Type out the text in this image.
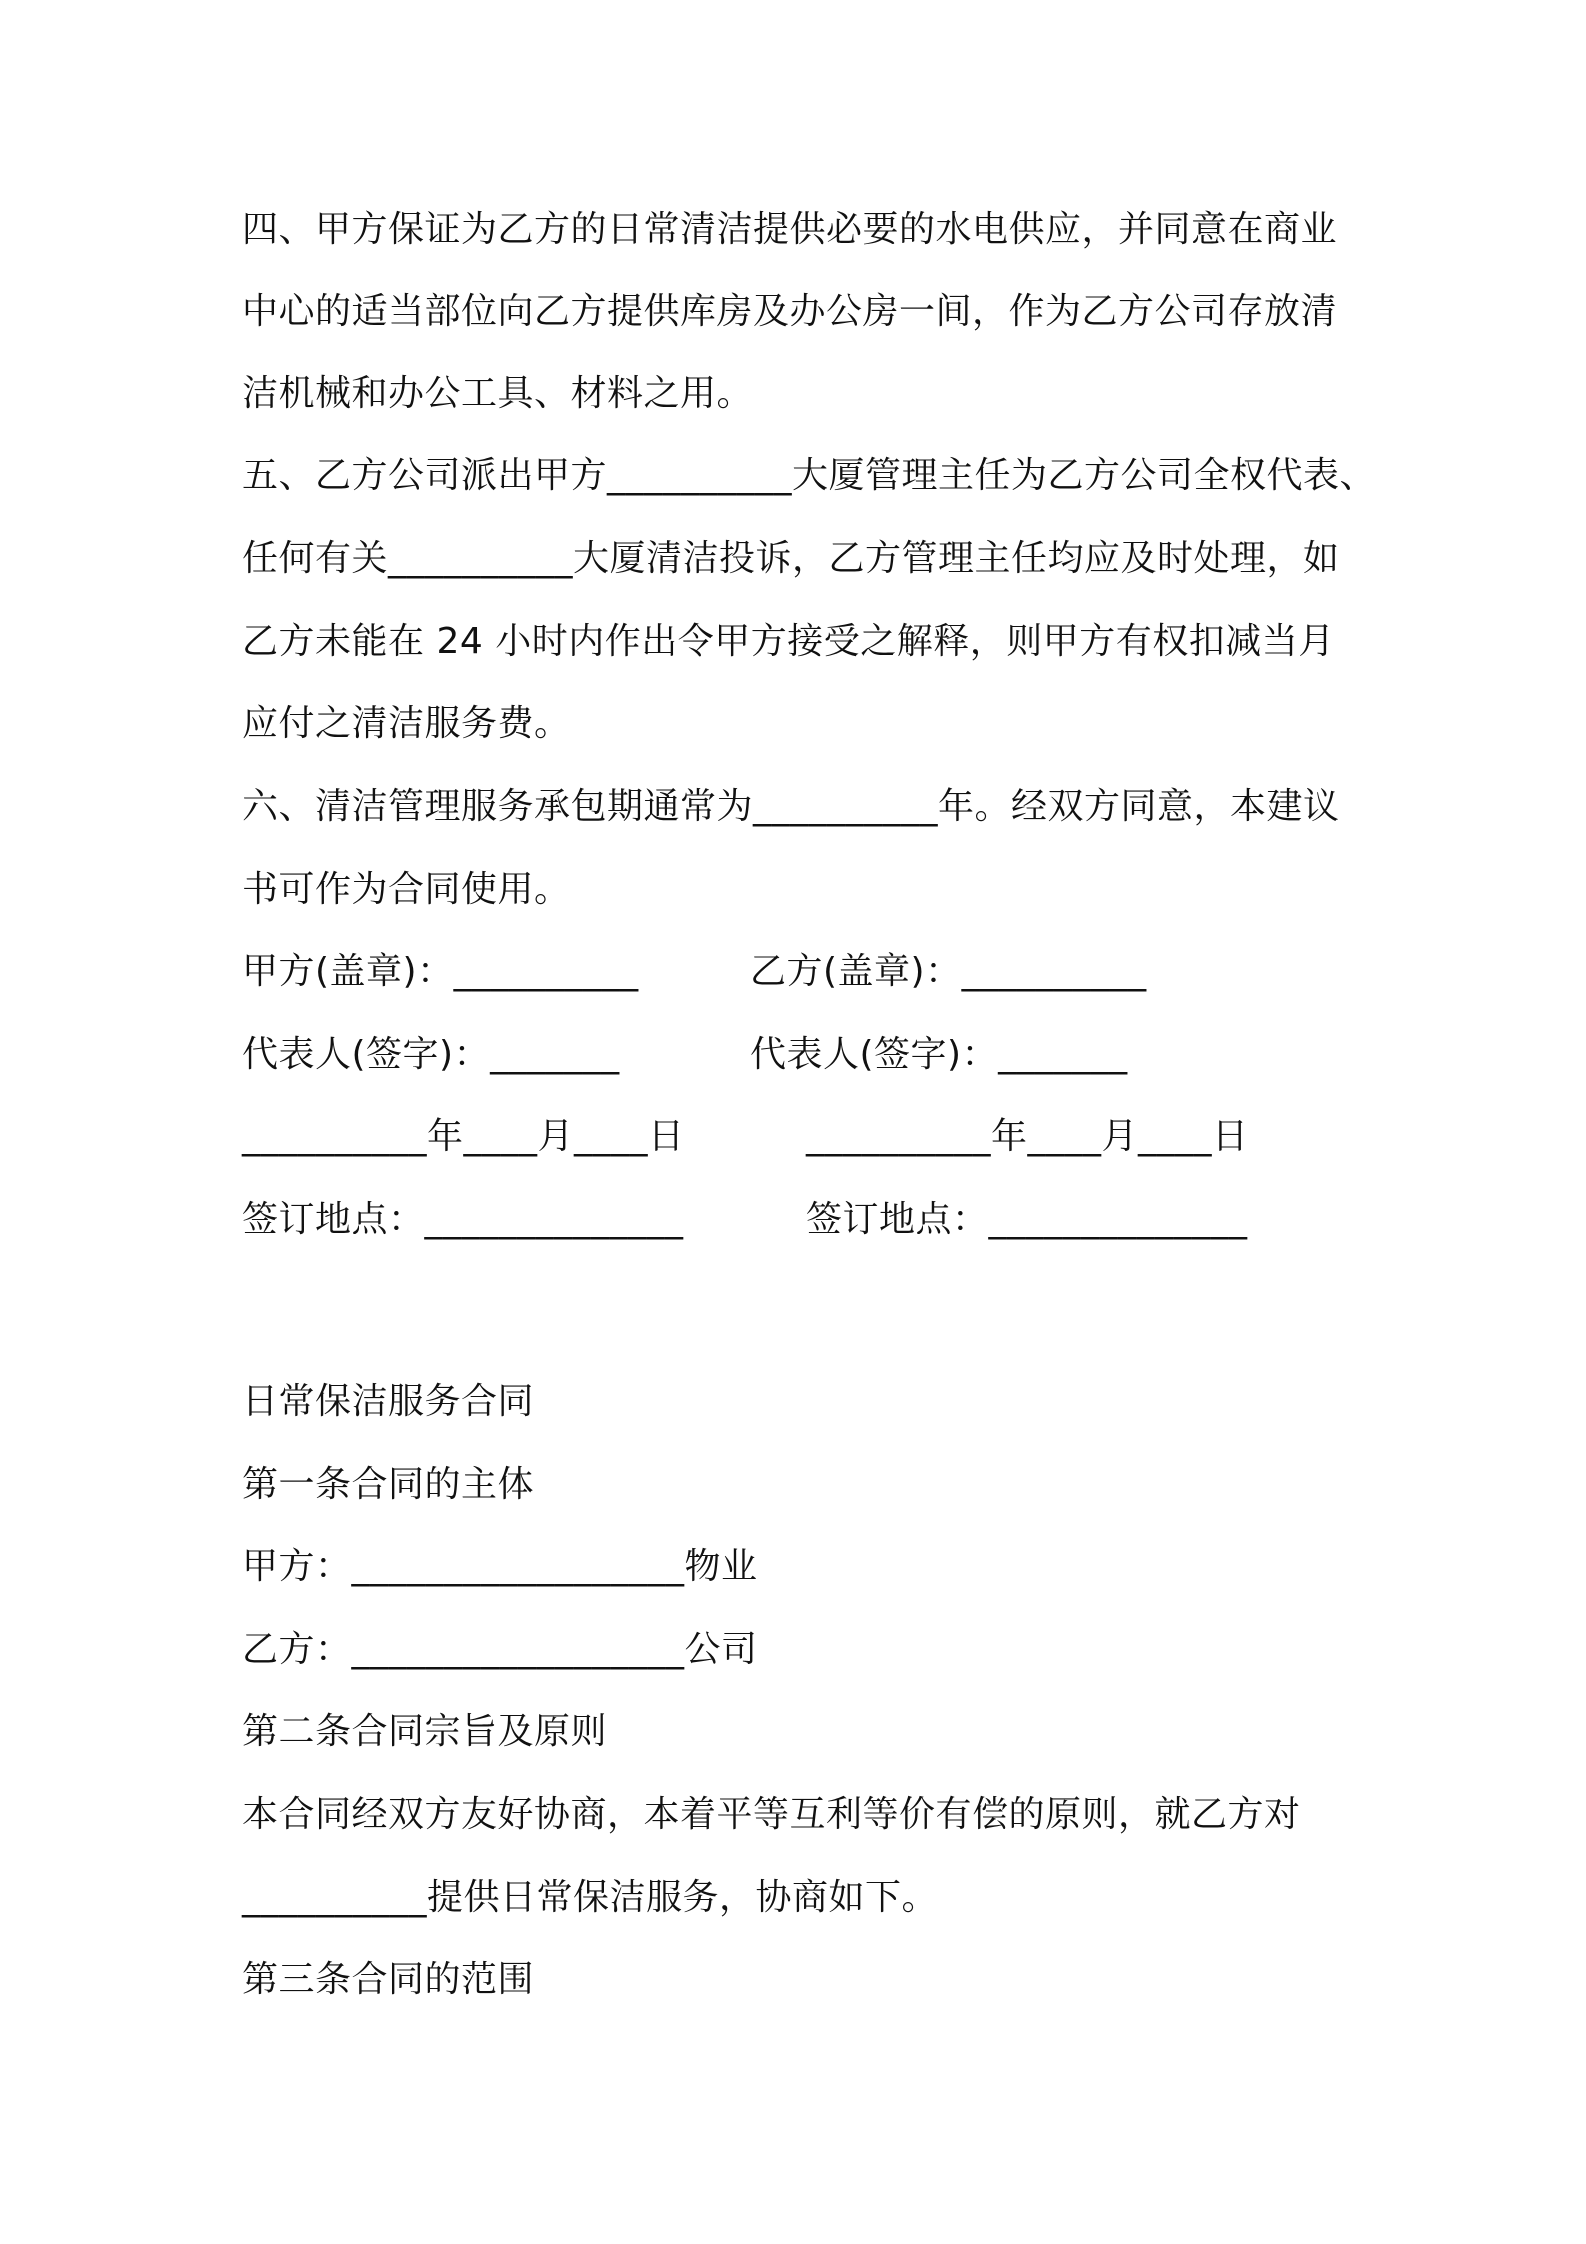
四、甲方保证为乙方的日常清洁提供必要的水电供应，并同意在商业
中心的适当部位向乙方提供库房及办公房一间，作为乙方公司存放清
洁机械和办公工具、材料之用。
五、乙方公司派出甲方__________大厦管理主任为乙方公司全权代表、
任何有关__________大厦清洁投诉，乙方管理主任均应及时处理，如
乙方未能在 24 小时内作出令甲方接受之解释，则甲方有权扣减当月
应付之清洁服务费。
六、清洁管理服务承包期通常为__________年。经双方同意，本建议
书可作为合同使用。
甲方(盖章)：__________	乙方(盖章)：__________
代表人(签字)：_______	代表人(签字)：_______
__________年____月____日	__________年____月____日
签订地点：______________	签订地点：______________
日常保洁服务合同
第一条合同的主体
甲方：__________________物业
乙方：__________________公司
第二条合同宗旨及原则
本合同经双方友好协商，本着平等互利等价有偿的原则，就乙方对
__________提供日常保洁服务，协商如下。
第三条合同的范围
